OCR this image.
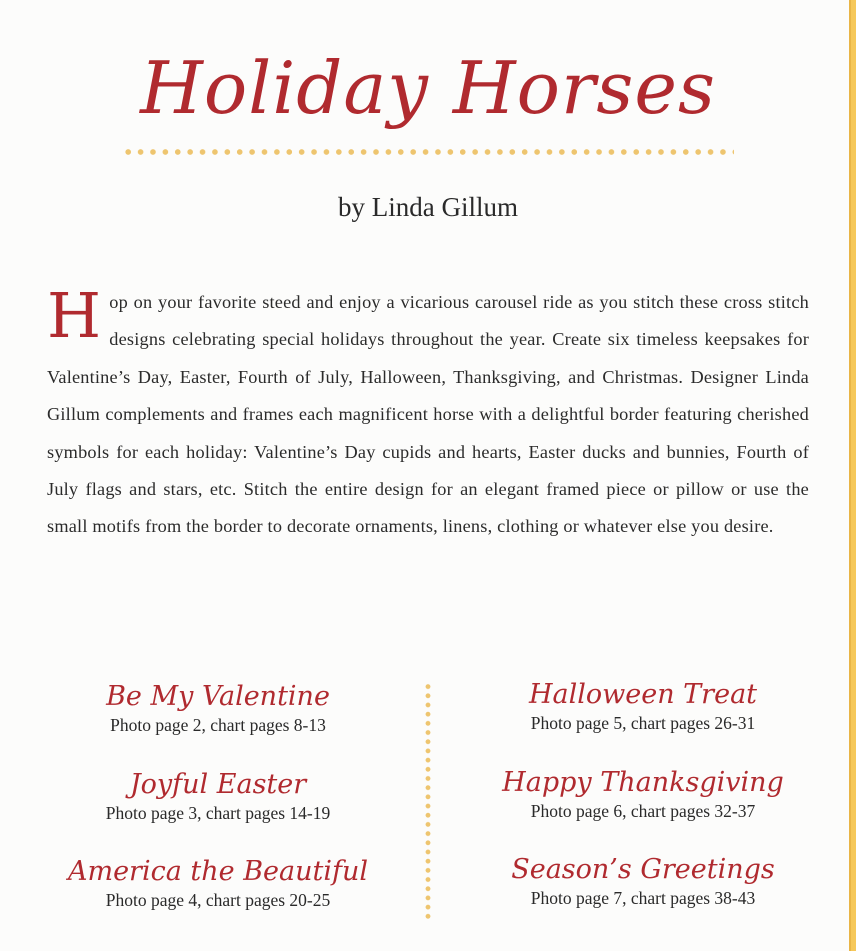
Holiday Horses
by Linda Gillum
Hop on your favorite steed and enjoy a vicarious carousel ride as you stitch these cross stitch designs celebrating special holidays throughout the year. Create six timeless keepsakes for Valentine’s Day, Easter, Fourth of July, Halloween, Thanksgiving, and Christmas. Designer Linda Gillum complements and frames each magnificent horse with a delightful border featuring cherished symbols for each holiday: Valentine’s Day cupids and hearts, Easter ducks and bunnies, Fourth of July flags and stars, etc. Stitch the entire design for an elegant framed piece or pillow or use the small motifs from the border to decorate ornaments, linens, clothing or whatever else you desire.
Be My Valentine
Photo page 2, chart pages 8-13
Joyful Easter
Photo page 3, chart pages 14-19
America the Beautiful
Photo page 4, chart pages 20-25
Halloween Treat
Photo page 5, chart pages 26-31
Happy Thanksgiving
Photo page 6, chart pages 32-37
Season’s Greetings
Photo page 7, chart pages 38-43
